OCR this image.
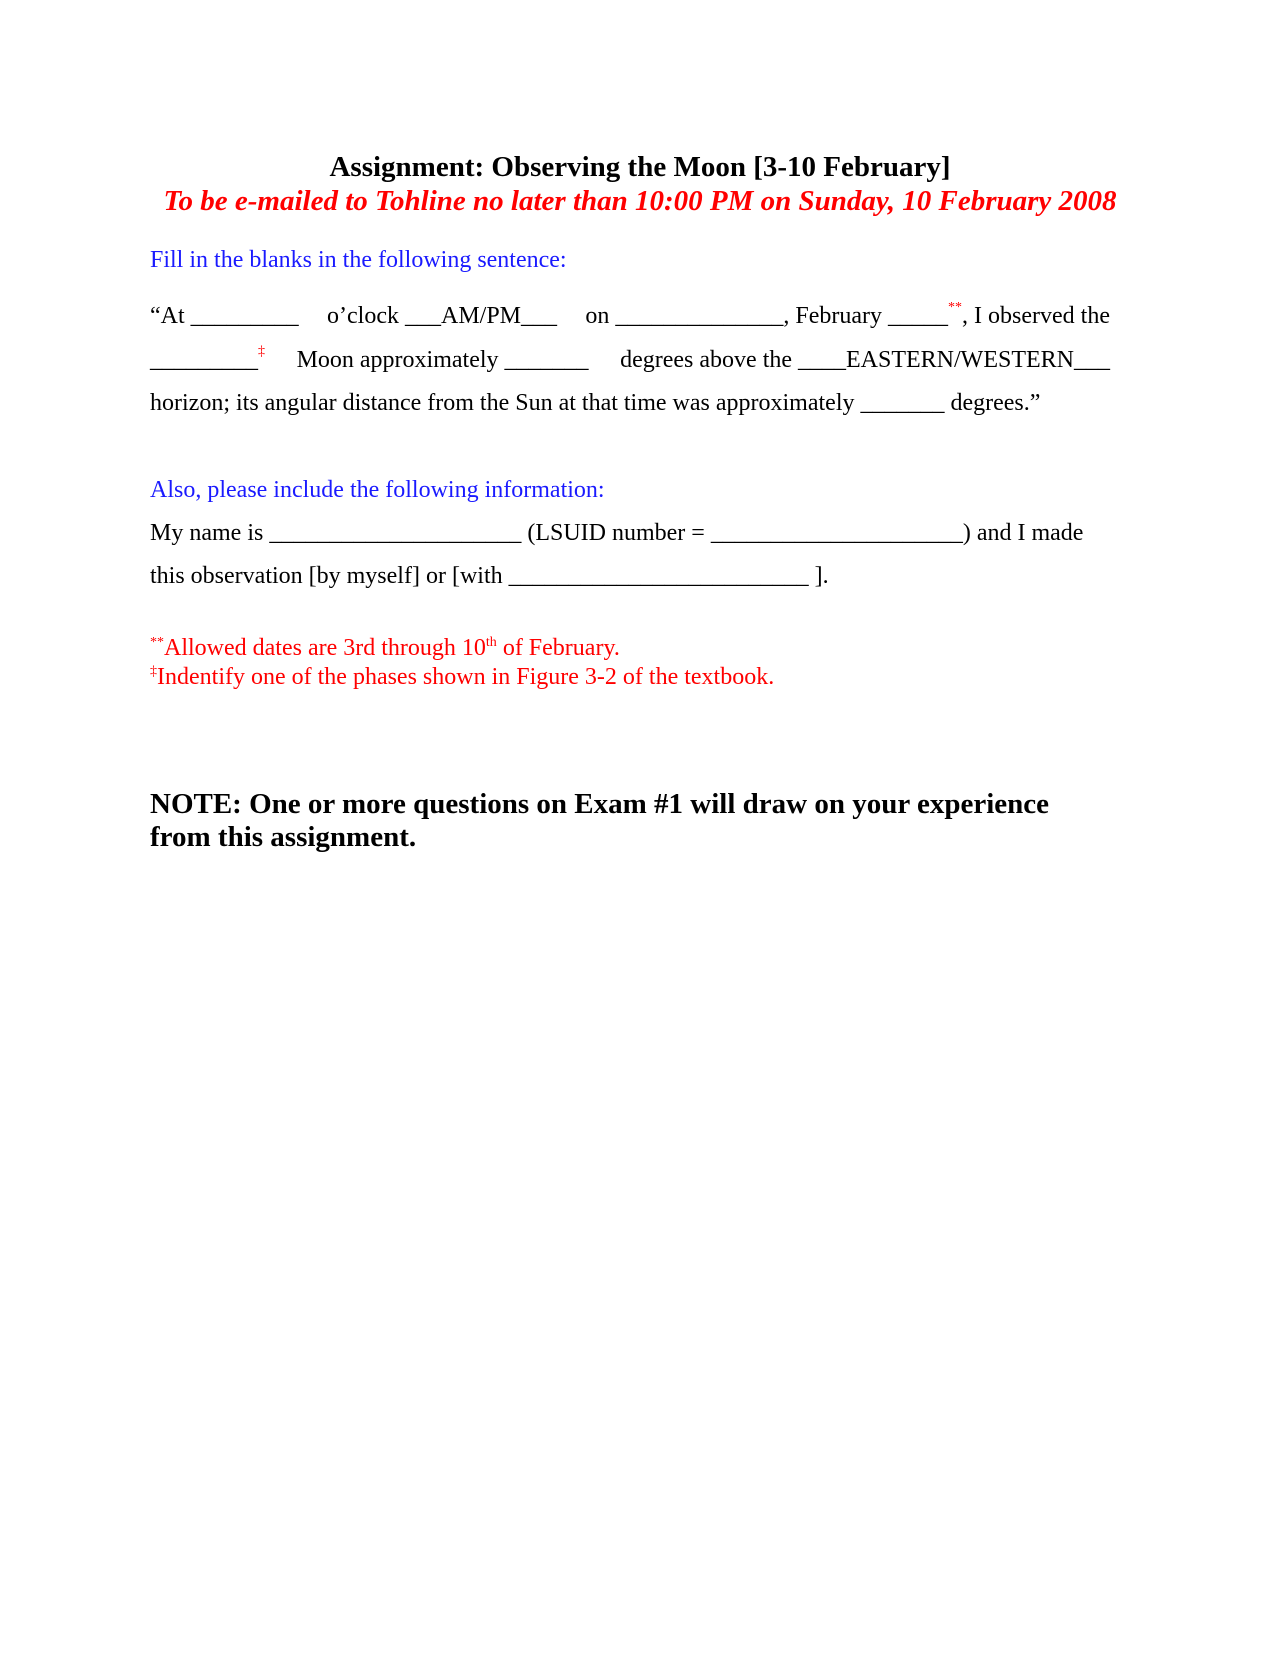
Assignment: Observing the Moon [3-10 February]
To be e-mailed to Tohline no later than 10:00 PM on Sunday, 10 February 2008
Fill in the blanks in the following sentence:
“At _________ o’clock ___AM/PM___ on ______________, February _____**, I observed the
_________‡ Moon approximately _______ degrees above the ____EASTERN/WESTERN___
horizon; its angular distance from the Sun at that time was approximately _______ degrees.”
Also, please include the following information:
My name is _____________________ (LSUID number = _____________________) and I made
this observation [by myself] or [with _________________________ ].
**Allowed dates are 3rd through 10th of February.
‡Indentify one of the phases shown in Figure 3-2 of the textbook.
NOTE: One or more questions on Exam #1 will draw on your experience from this assignment.
